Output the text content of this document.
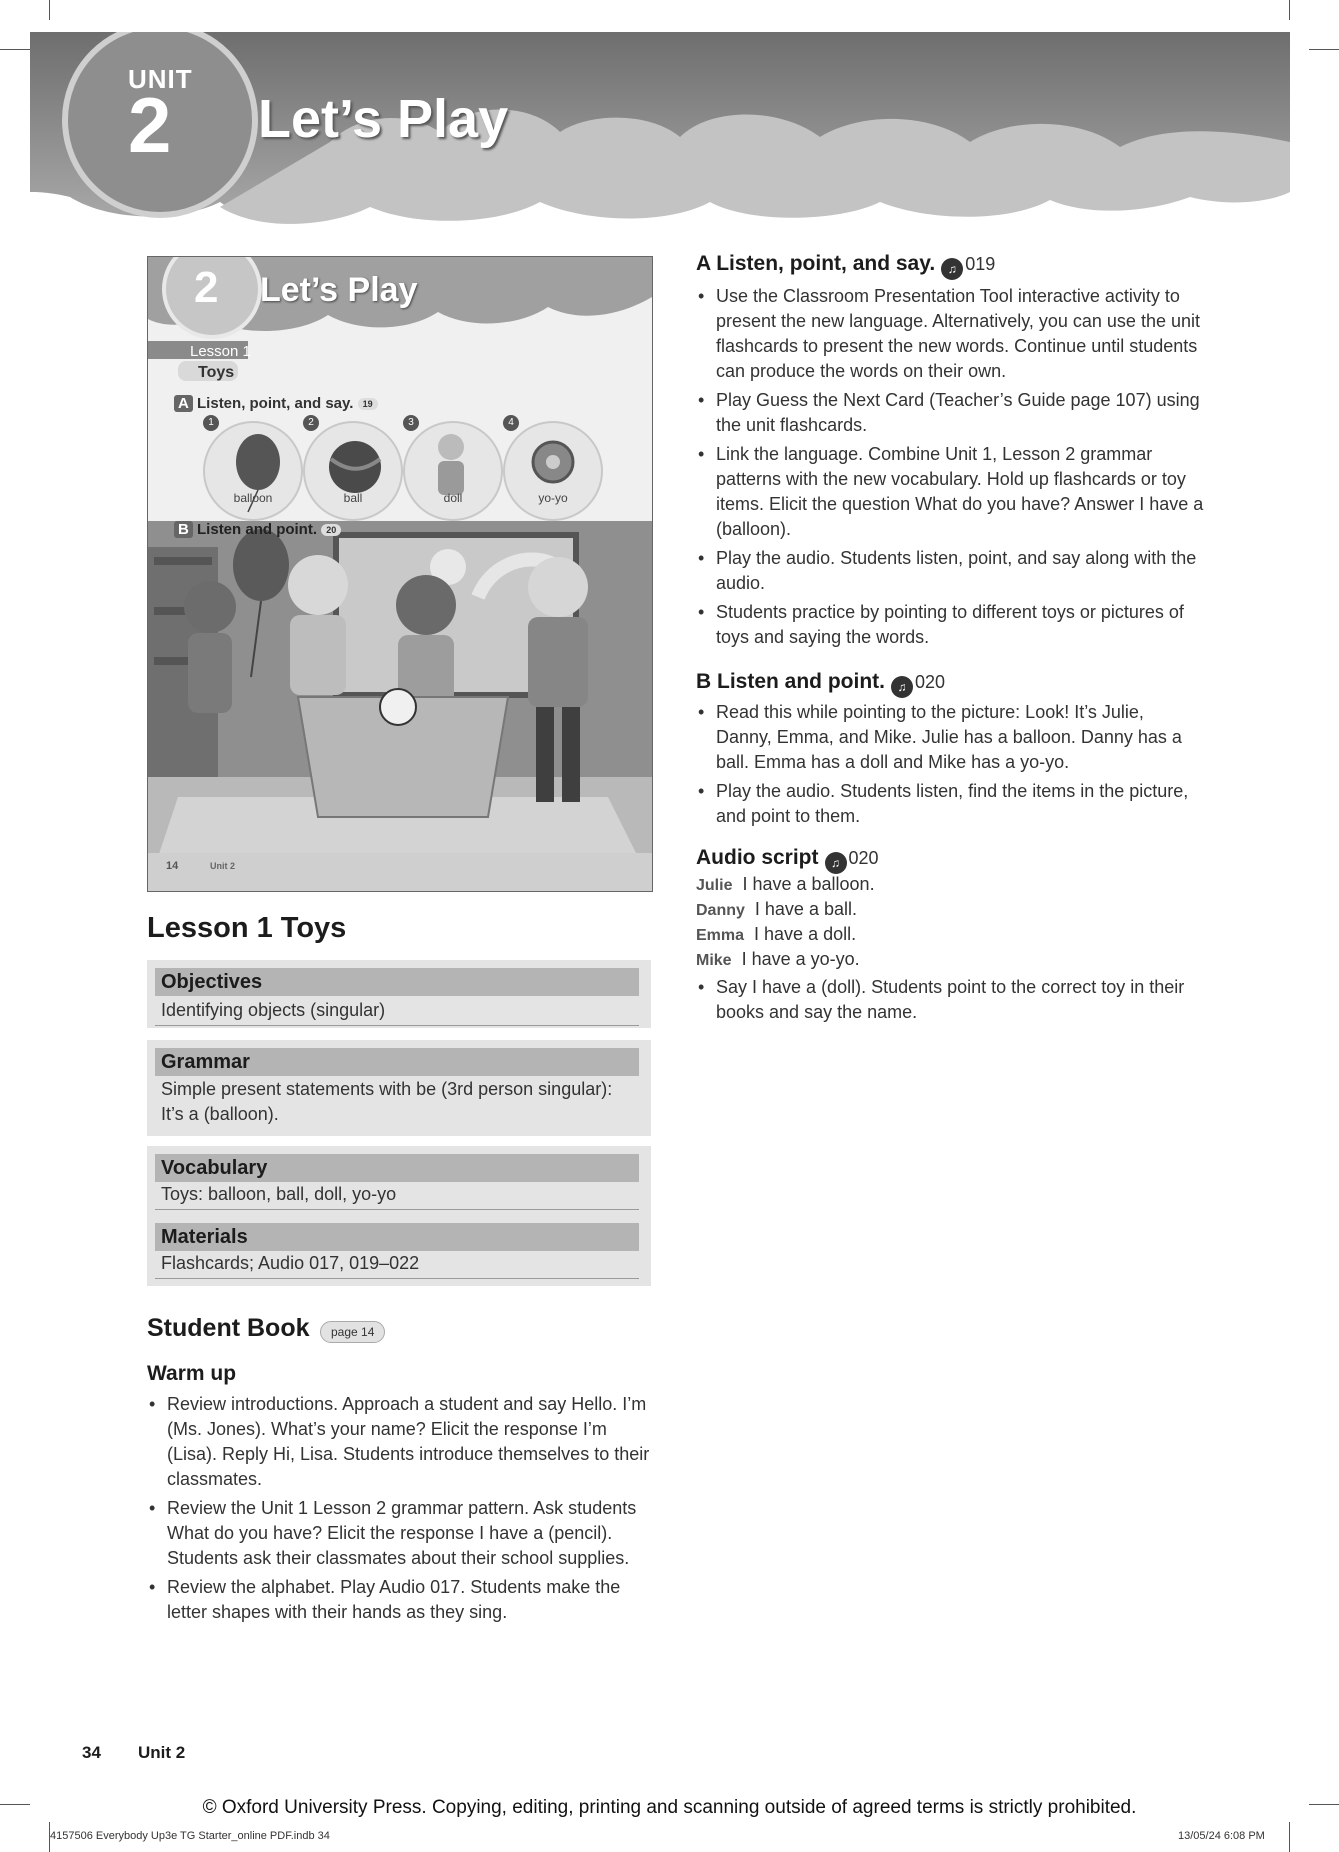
UNIT
2 Let’s Play
2 Let’s Play
Lesson 1
Toys
A Listen, point, and say. 19
1	2	3	4
balloon	ball	doll	yo-yo
B Listen and point. 20
14	Unit 2
Lesson 1 Toys
Objectives
Identifying objects (singular)
Grammar
Simple present statements with be (3rd person singular): It’s a (balloon).
Vocabulary
Toys: balloon, ball, doll, yo-yo
Materials
Flashcards; Audio 017, 019–022
Student Book	page 14
Warm up
• Review introductions. Approach a student and say Hello. I’m (Ms. Jones). What’s your name? Elicit the response I’m (Lisa). Reply Hi, Lisa. Students introduce themselves to their classmates.
• Review the Unit 1 Lesson 2 grammar pattern. Ask students What do you have? Elicit the response I have a (pencil). Students ask their classmates about their school supplies.
• Review the alphabet. Play Audio 017. Students make the letter shapes with their hands as they sing.
A Listen, point, and say. ♫ 019
• Use the Classroom Presentation Tool interactive activity to present the new language. Alternatively, you can use the unit flashcards to present the new words. Continue until students can produce the words on their own.
• Play Guess the Next Card (Teacher’s Guide page 107) using the unit flashcards.
• Link the language. Combine Unit 1, Lesson 2 grammar patterns with the new vocabulary. Hold up flashcards or toy items. Elicit the question What do you have? Answer I have a (balloon).
• Play the audio. Students listen, point, and say along with the audio.
• Students practice by pointing to different toys or pictures of toys and saying the words.
B Listen and point. ♫ 020
• Read this while pointing to the picture: Look! It’s Julie, Danny, Emma, and Mike. Julie has a balloon. Danny has a ball. Emma has a doll and Mike has a yo-yo.
• Play the audio. Students listen, find the items in the picture, and point to them.
Audio script ♫ 020
Julie I have a balloon.
Danny I have a ball.
Emma I have a doll.
Mike I have a yo-yo.
• Say I have a (doll). Students point to the correct toy in their books and say the name.
34 Unit 2
© Oxford University Press. Copying, editing, printing and scanning outside of agreed terms is strictly prohibited.
4157506 Everybody Up3e TG Starter_online PDF.indb 34	13/05/24 6:08 PM
